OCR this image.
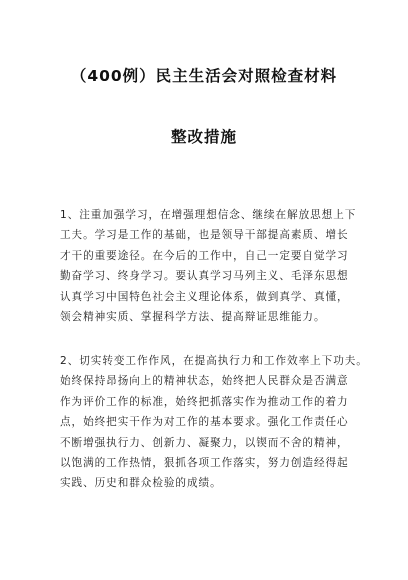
（400例）民主生活会对照检查材料
整改措施
1、注重加强学习，在增强理想信念、继续在解放思想上下
工夫。学习是工作的基础，也是领导干部提高素质、增长
才干的重要途径。在今后的工作中，自己一定要自觉学习
勤奋学习、终身学习。要认真学习马列主义、毛泽东思想
认真学习中国特色社会主义理论体系，做到真学、真懂，
领会精神实质、掌握科学方法、提高辩证思维能力。
2、切实转变工作作风，在提高执行力和工作效率上下功夫。
始终保持昂扬向上的精神状态，始终把人民群众是否满意
作为评价工作的标准，始终把抓落实作为推动工作的着力
点，始终把实干作为对工作的基本要求。强化工作责任心
不断增强执行力、创新力、凝聚力，以锲而不舍的精神，
以饱满的工作热情，狠抓各项工作落实，努力创造经得起
实践、历史和群众检验的成绩。
